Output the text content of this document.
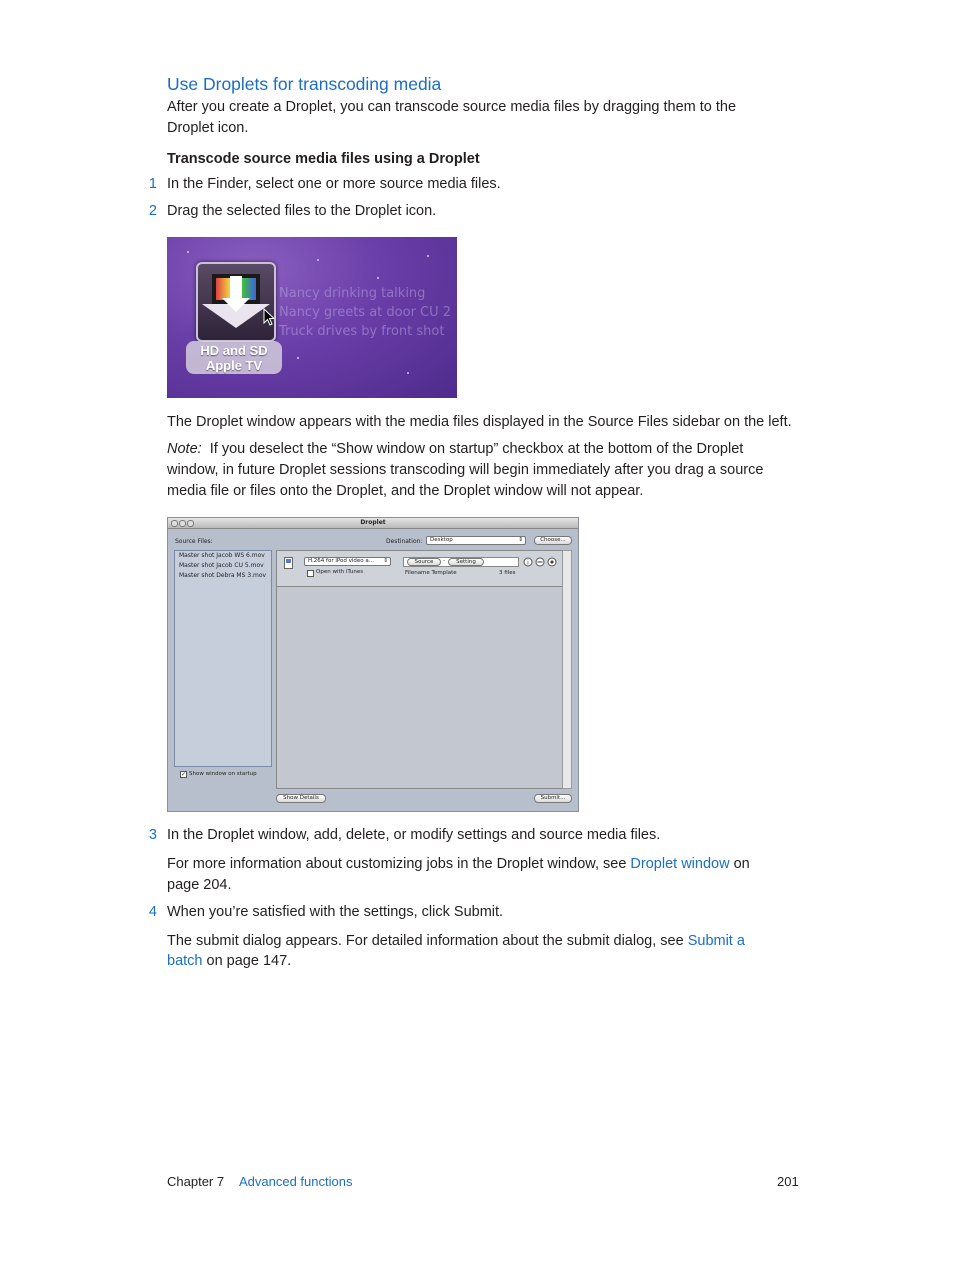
Use Droplets for transcoding media
After you create a Droplet, you can transcode source media files by dragging them to the
Droplet icon.
Transcode source media files using a Droplet
1 In the Finder, select one or more source media files.
2 Drag the selected files to the Droplet icon.
HD and SD
Apple TV
Nancy drinking talking
Nancy greets at door CU 2
Truck drives by front shot
The Droplet window appears with the media files displayed in the Source Files sidebar on the left.
Note: If you deselect the “Show window on startup” checkbox at the bottom of the Droplet
window, in future Droplet sessions transcoding will begin immediately after you drag a source
media file or files onto the Droplet, and the Droplet window will not appear.
Droplet
Source Files:	Destination:	Desktop	⇕	Choose...
Master shot Jacob WS 6.mov
Master shot Jacob CU 5.mov
Master shot Debra MS 3.mov
H.264 for iPod video a... ⇕
Open with iTunes
Source	-	Setting
Filename Template	3 files
i
✓ Show window on startup
Show Details	Submit...
3 In the Droplet window, add, delete, or modify settings and source media files.
For more information about customizing jobs in the Droplet window, see Droplet window on
page 204.
4 When you’re satisfied with the settings, click Submit.
The submit dialog appears. For detailed information about the submit dialog, see Submit a
batch on page 147.
Chapter 7 Advanced functions	201
